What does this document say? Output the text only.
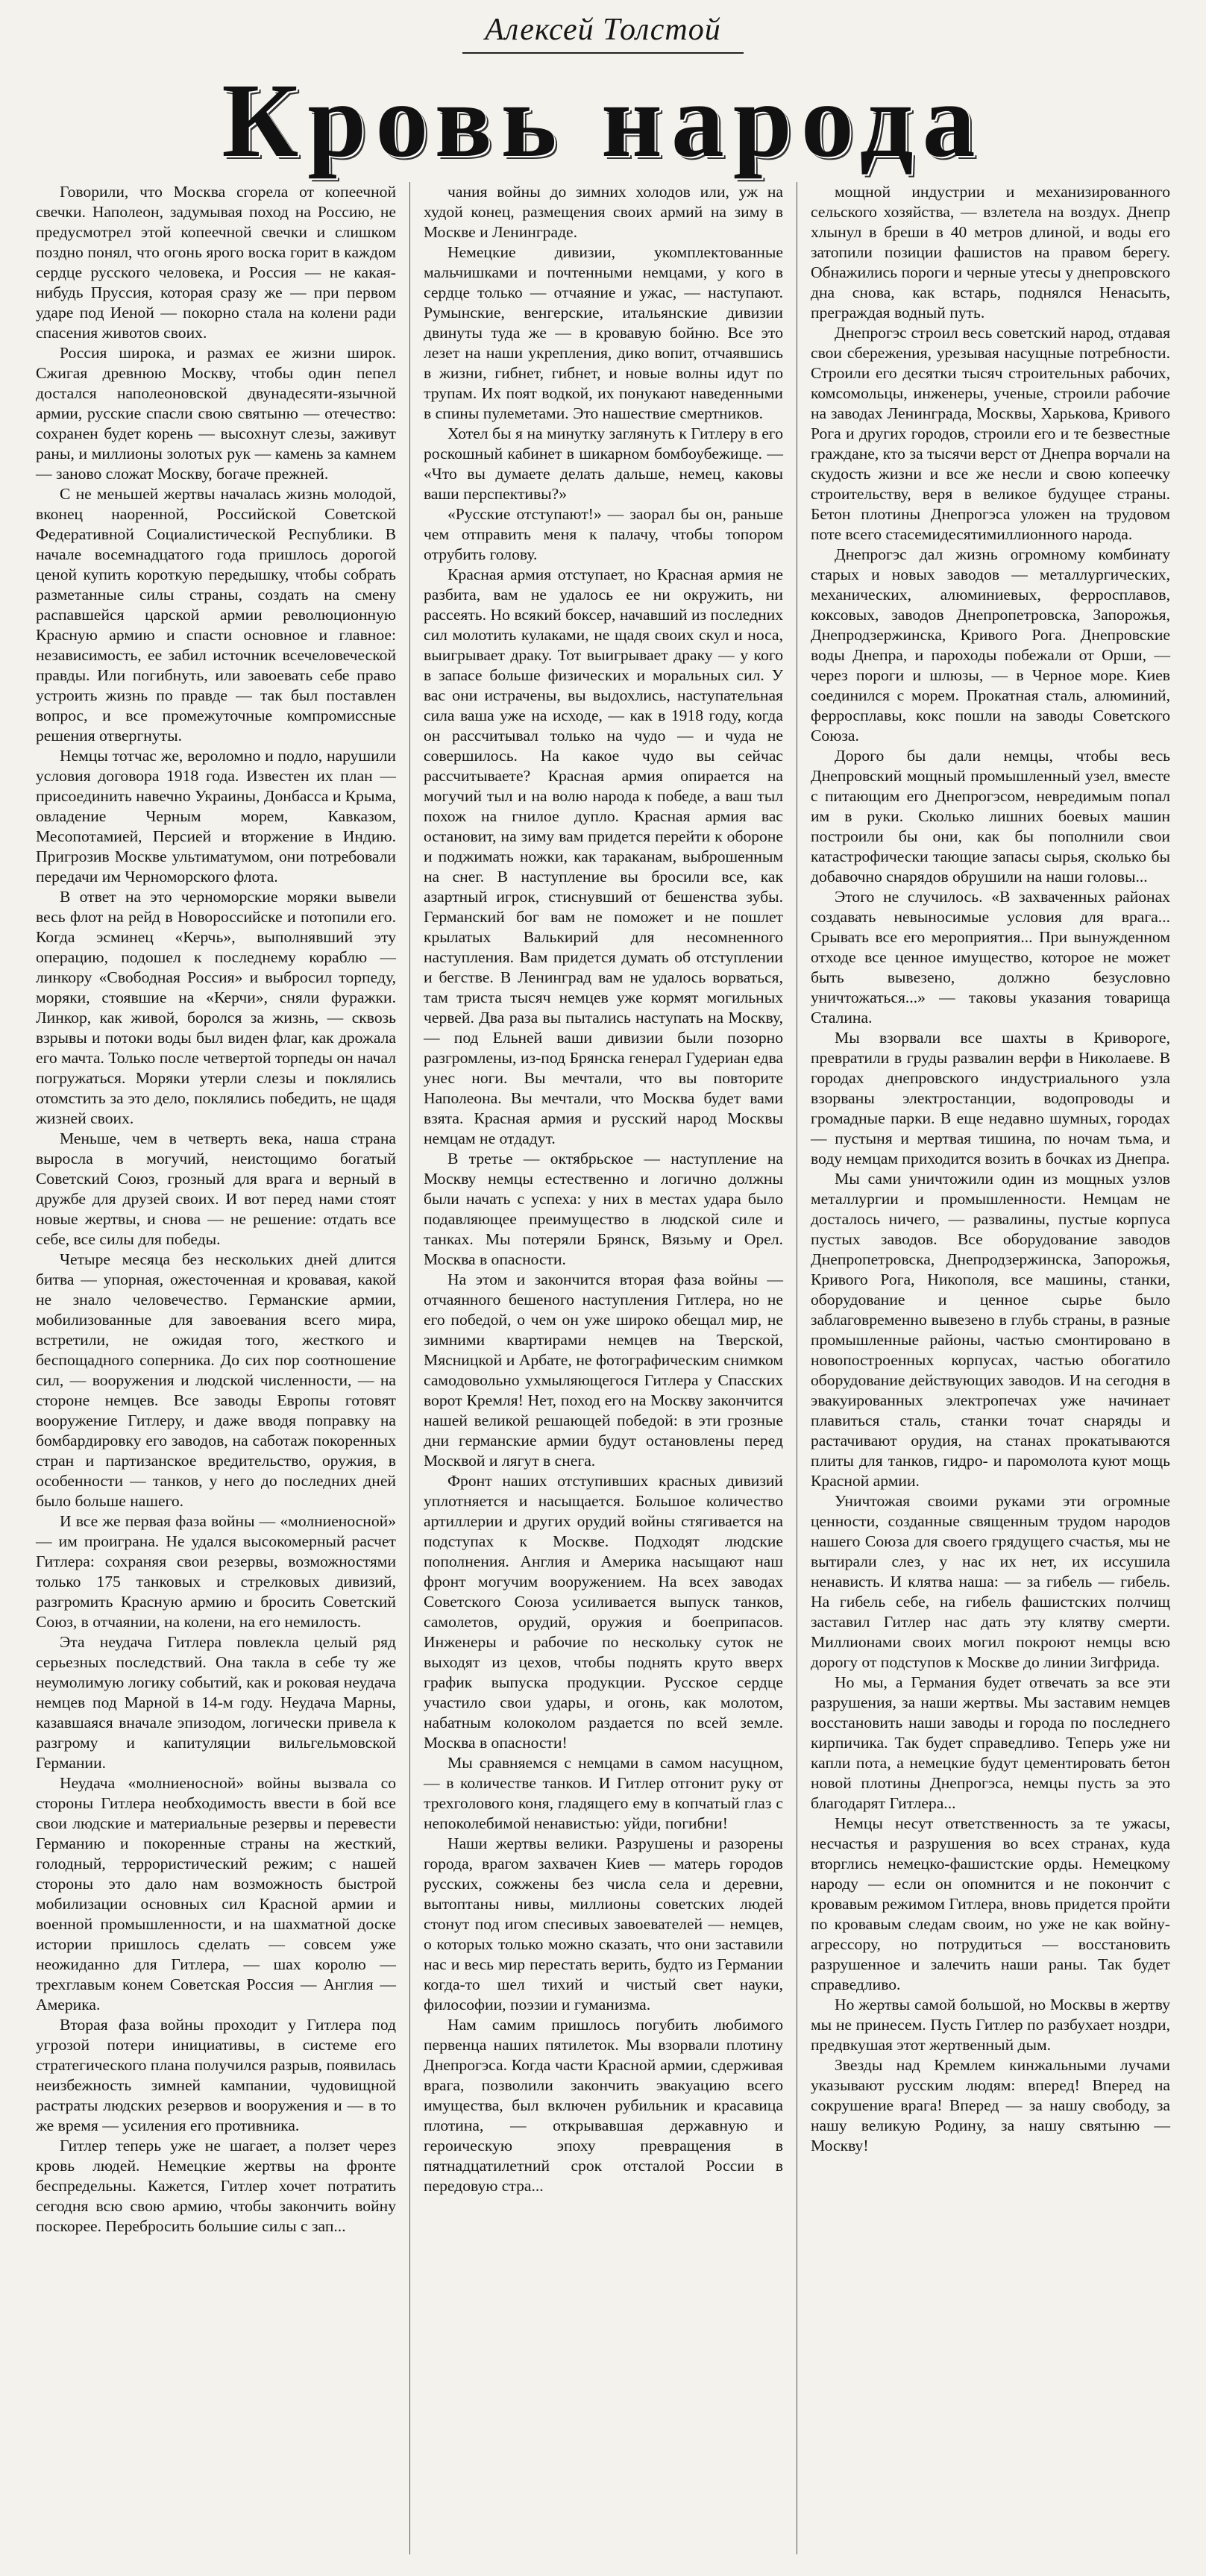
Алексей Толстой
Кровь народа

Говорили, что Москва сгорела от копеечной свечки. Наполеон, задумывая поход на Россию, не предусмотрел этой копеечной свечки и слишком поздно понял, что огонь ярого воска горит в каждом сердце русского человека, и Россия — не какая-нибудь Пруссия, которая сразу же — при первом ударе под Иеной — покорно стала на колени ради спасения животов своих.

Россия широка, и размах ее жизни широк. Сжигая древнюю Москву, чтобы один пепел достался наполеоновской двунадесяти-язычной армии, русские спасли свою святыню — отечество: сохранен будет корень — высохнут слезы, заживут раны, и миллионы золотых рук — камень за камнем — заново сложат Москву, богаче прежней.

С не меньшей жертвы началась жизнь молодой, вконец наоренной, Российской Советской Федеративной Социалистической Республики. В начале восемнадцатого года пришлось дорогой ценой купить короткую передышку, чтобы собрать разметанные силы страны, создать на смену распавшейся царской армии революционную Красную армию и спасти основное и главное: независимость, ее забил источник всечеловеческой правды. Или погибнуть, или завоевать себе право устроить жизнь по правде — так был поставлен вопрос, и все промежуточные компромиссные решения отвергнуты.

Немцы тотчас же, вероломно и подло, нарушили условия договора 1918 года. Известен их план — присоединить навечно Украины, Донбасса и Крыма, овладение Черным морем, Кавказом, Месопотамией, Персией и вторжение в Индию. Пригрозив Москве ультиматумом, они потребовали передачи им Черноморского флота.

В ответ на это черноморские моряки вывели весь флот на рейд в Новороссийске и потопили его. Когда эсминец «Керчь», выполнявший эту операцию, подошел к последнему кораблю — линкору «Свободная Россия» и выбросил торпеду, моряки, стоявшие на «Керчи», сняли фуражки. Линкор, как живой, боролся за жизнь, — сквозь взрывы и потоки воды был виден флаг, как дрожала его мачта. Только после четвертой торпеды он начал погружаться. Моряки утерли слезы и поклялись отомстить за это дело, поклялись победить, не щадя жизней своих.

Меньше, чем в четверть века, наша страна выросла в могучий, неистощимо богатый Советский Союз, грозный для врага и верный в дружбе для друзей своих. И вот перед нами стоят новые жертвы, и снова — не решение: отдать все себе, все силы для победы.

Четыре месяца без нескольких дней длится битва — упорная, ожесточенная и кровавая, какой не знало человечество. Германские армии, мобилизованные для завоевания всего мира, встретили, не ожидая того, жесткого и беспощадного соперника. До сих пор соотношение сил, — вооружения и людской численности, — на стороне немцев. Все заводы Европы готовят вооружение Гитлеру, и даже вводя поправку на бомбардировку его заводов, на саботаж покоренных стран и партизанское вредительство, оружия, в особенности — танков, у него до последних дней было больше нашего.

И все же первая фаза войны — «молниеносной» — им проиграна. Не удался высокомерный расчет Гитлера: сохраняя свои резервы, возможностями только 175 танковых и стрелковых дивизий, разгромить Красную армию и бросить Советский Союз, в отчаянии, на колени, на его немилость.

Эта неудача Гитлера повлекла целый ряд серьезных последствий. Она такла в себе ту же неумолимую логику событий, как и роковая неудача немцев под Марной в 14-м году. Неудача Марны, казавшаяся вначале эпизодом, логически привела к разгрому и капитуляции вильгельмовской Германии.

Неудача «молниеносной» войны вызвала со стороны Гитлера необходимость ввести в бой все свои людские и материальные резервы и перевести Германию и покоренные страны на жесткий, голодный, террористический режим; с нашей стороны это дало нам возможность быстрой мобилизации основных сил Красной армии и военной промышленности, и на шахматной доске истории пришлось сделать — совсем уже неожиданно для Гитлера, — шах королю — трехглавым конем Советская Россия — Англия — Америка.

Вторая фаза войны проходит у Гитлера под угрозой потери инициативы, в системе его стратегического плана получился разрыв, появилась неизбежность зимней кампании, чудовищной растраты людских резервов и вооружения и — в то же время — усиления его противника.

Гитлер теперь уже не шагает, а ползет через кровь людей. Немецкие жертвы на фронте беспредельны. Кажется, Гитлер хочет потратить сегодня всю свою армию, чтобы закончить войну поскорее. Перебросить большие силы с зап...

чания войны до зимних холодов или, уж на худой конец, размещения своих армий на зиму в Москве и Ленинграде.

Немецкие дивизии, укомплектованные мальчишками и почтенными немцами, у кого в сердце только — отчаяние и ужас, — наступают. Румынские, венгерские, итальянские дивизии двинуты туда же — в кровавую бойню. Все это лезет на наши укрепления, дико вопит, отчаявшись в жизни, гибнет, гибнет, и новые волны идут по трупам. Их поят водкой, их понукают наведенными в спины пулеметами. Это нашествие смертников.

Хотел бы я на минутку заглянуть к Гитлеру в его роскошный кабинет в шикарном бомбоубежище. — «Что вы думаете делать дальше, немец, каковы ваши перспективы?»

«Русские отступают!» — заорал бы он, раньше чем отправить меня к палачу, чтобы топором отрубить голову.

Красная армия отступает, но Красная армия не разбита, вам не удалось ее ни окружить, ни рассеять. Но всякий боксер, начавший из последних сил молотить кулаками, не щадя своих скул и носа, выигрывает драку. Тот выигрывает драку — у кого в запасе больше физических и моральных сил. У вас они истрачены, вы выдохлись, наступательная сила ваша уже на исходе, — как в 1918 году, когда он рассчитывал только на чудо — и чуда не совершилось. На какое чудо вы сейчас рассчитываете? Красная армия опирается на могучий тыл и на волю народа к победе, а ваш тыл похож на гнилое дупло. Красная армия вас остановит, на зиму вам придется перейти к обороне и поджимать ножки, как тараканам, выброшенным на снег. В наступление вы бросили все, как азартный игрок, стиснувший от бешенства зубы. Германский бог вам не поможет и не пошлет крылатых Валькирий для несомненного наступления. Вам придется думать об отступлении и бегстве. В Ленинград вам не удалось ворваться, там триста тысяч немцев уже кормят могильных червей. Два раза вы пытались наступать на Москву, — под Ельней ваши дивизии были позорно разгромлены, из-под Брянска генерал Гудериан едва унес ноги. Вы мечтали, что вы повторите Наполеона. Вы мечтали, что Москва будет вами взята. Красная армия и русский народ Москвы немцам не отдадут.

В третье — октябрьское — наступление на Москву немцы естественно и логично должны были начать с успеха: у них в местах удара было подавляющее преимущество в людской силе и танках. Мы потеряли Брянск, Вязьму и Орел. Москва в опасности.

На этом и закончится вторая фаза войны — отчаянного бешеного наступления Гитлера, но не его победой, о чем он уже широко обещал мир, не зимними квартирами немцев на Тверской, Мясницкой и Арбате, не фотографическим снимком самодовольно ухмыляющегося Гитлера у Спасских ворот Кремля! Нет, поход его на Москву закончится нашей великой решающей победой: в эти грозные дни германские армии будут остановлены перед Москвой и лягут в снега.

Фронт наших отступивших красных дивизий уплотняется и насыщается. Большое количество артиллерии и других орудий войны стягивается на подступах к Москве. Подходят людские пополнения. Англия и Америка насыщают наш фронт могучим вооружением. На всех заводах Советского Союза усиливается выпуск танков, самолетов, орудий, оружия и боеприпасов. Инженеры и рабочие по нескольку суток не выходят из цехов, чтобы поднять круто вверх график выпуска продукции. Русское сердце участило свои удары, и огонь, как молотом, набатным колоколом раздается по всей земле. Москва в опасности!

Мы сравняемся с немцами в самом насущном, — в количестве танков. И Гитлер отгонит руку от трехголового коня, гладящего ему в копчатый глаз с непоколебимой ненавистью: уйди, погибни!

Наши жертвы велики. Разрушены и разорены города, врагом захвачен Киев — матерь городов русских, сожжены без числа села и деревни, вытоптаны нивы, миллионы советских людей стонут под игом спесивых завоевателей — немцев, о которых только можно сказать, что они заставили нас и весь мир перестать верить, будто из Германии когда-то шел тихий и чистый свет науки, философии, поэзии и гуманизма.

Нам самим пришлось погубить любимого первенца наших пятилеток. Мы взорвали плотину Днепрогэса. Когда части Красной армии, сдерживая врага, позволили закончить эвакуацию всего имущества, был включен рубильник и красавица плотина, — открывавшая державную и героическую эпоху превращения в пятнадцатилетний срок отсталой России в передовую стра...

мощной индустрии и механизированного сельского хозяйства, — взлетела на воздух. Днепр хлынул в бреши в 40 метров длиной, и воды его затопили позиции фашистов на правом берегу. Обнажились пороги и черные утесы у днепровского дна снова, как встарь, поднялся Ненасыть, преграждая водный путь.

Днепрогэс строил весь советский народ, отдавая свои сбережения, урезывая насущные потребности. Строили его десятки тысяч строительных рабочих, комсомольцы, инженеры, ученые, строили рабочие на заводах Ленинграда, Москвы, Харькова, Кривого Рога и других городов, строили его и те безвестные граждане, кто за тысячи верст от Днепра ворчали на скудость жизни и все же несли и свою копеечку строительству, веря в великое будущее страны. Бетон плотины Днепрогэса уложен на трудовом поте всего стасемидесятимиллионного народа.

Днепрогэс дал жизнь огромному комбинату старых и новых заводов — металлургических, механических, алюминиевых, ферросплавов, коксовых, заводов Днепропетровска, Запорожья, Днепродзержинска, Кривого Рога. Днепровские воды Днепра, и пароходы побежали от Орши, — через пороги и шлюзы, — в Черное море. Киев соединился с морем. Прокатная сталь, алюминий, ферросплавы, кокс пошли на заводы Советского Союза.

Дорого бы дали немцы, чтобы весь Днепровский мощный промышленный узел, вместе с питающим его Днепрогэсом, невредимым попал им в руки. Сколько лишних боевых машин построили бы они, как бы пополнили свои катастрофически тающие запасы сырья, сколько бы добавочно снарядов обрушили на наши головы...

Этого не случилось. «В захваченных районах создавать невыносимые условия для врага... Срывать все его мероприятия... При вынужденном отходе все ценное имущество, которое не может быть вывезено, должно безусловно уничтожаться...» — таковы указания товарища Сталина.

Мы взорвали все шахты в Кривороге, превратили в груды развалин верфи в Николаеве. В городах днепровского индустриального узла взорваны электростанции, водопроводы и громадные парки. В еще недавно шумных, городах — пустыня и мертвая тишина, по ночам тьма, и воду немцам приходится возить в бочках из Днепра.

Мы сами уничтожили один из мощных узлов металлургии и промышленности. Немцам не досталось ничего, — развалины, пустые корпуса пустых заводов. Все оборудование заводов Днепропетровска, Днепродзержинска, Запорожья, Кривого Рога, Никополя, все машины, станки, оборудование и ценное сырье было заблаговременно вывезено в глубь страны, в разные промышленные районы, частью смонтировано в новопостроенных корпусах, частью обогатило оборудование действующих заводов. И на сегодня в эвакуированных электропечах уже начинает плавиться сталь, станки точат снаряды и растачивают орудия, на станах прокатываются плиты для танков, гидро- и паромолота куют мощь Красной армии.

Уничтожая своими руками эти огромные ценности, созданные священным трудом народов нашего Союза для своего грядущего счастья, мы не вытирали слез, у нас их нет, их иссушила ненависть. И клятва наша: — за гибель — гибель. На гибель себе, на гибель фашистских полчищ заставил Гитлер нас дать эту клятву смерти. Миллионами своих могил покроют немцы всю дорогу от подступов к Москве до линии Зигфрида.

Но мы, а Германия будет отвечать за все эти разрушения, за наши жертвы. Мы заставим немцев восстановить наши заводы и города по последнего кирпичика. Так будет справедливо. Теперь уже ни капли пота, а немецкие будут цементировать бетон новой плотины Днепрогэса, немцы пусть за это благодарят Гитлера...

Немцы несут ответственность за те ужасы, несчастья и разрушения во всех странах, куда вторглись немецко-фашистские орды. Немецкому народу — если он опомнится и не покончит с кровавым режимом Гитлера, вновь придется пройти по кровавым следам своим, но уже не как войну-агрессору, но потрудиться — восстановить разрушенное и залечить наши раны. Так будет справедливо.

Но жертвы самой большой, но Москвы в жертву мы не принесем. Пусть Гитлер по разбухает ноздри, предвкушая этот жертвенный дым.

Звезды над Кремлем кинжальными лучами указывают русским людям: вперед! Вперед на сокрушение врага! Вперед — за нашу свободу, за нашу великую Родину, за нашу святыню — Москву!
